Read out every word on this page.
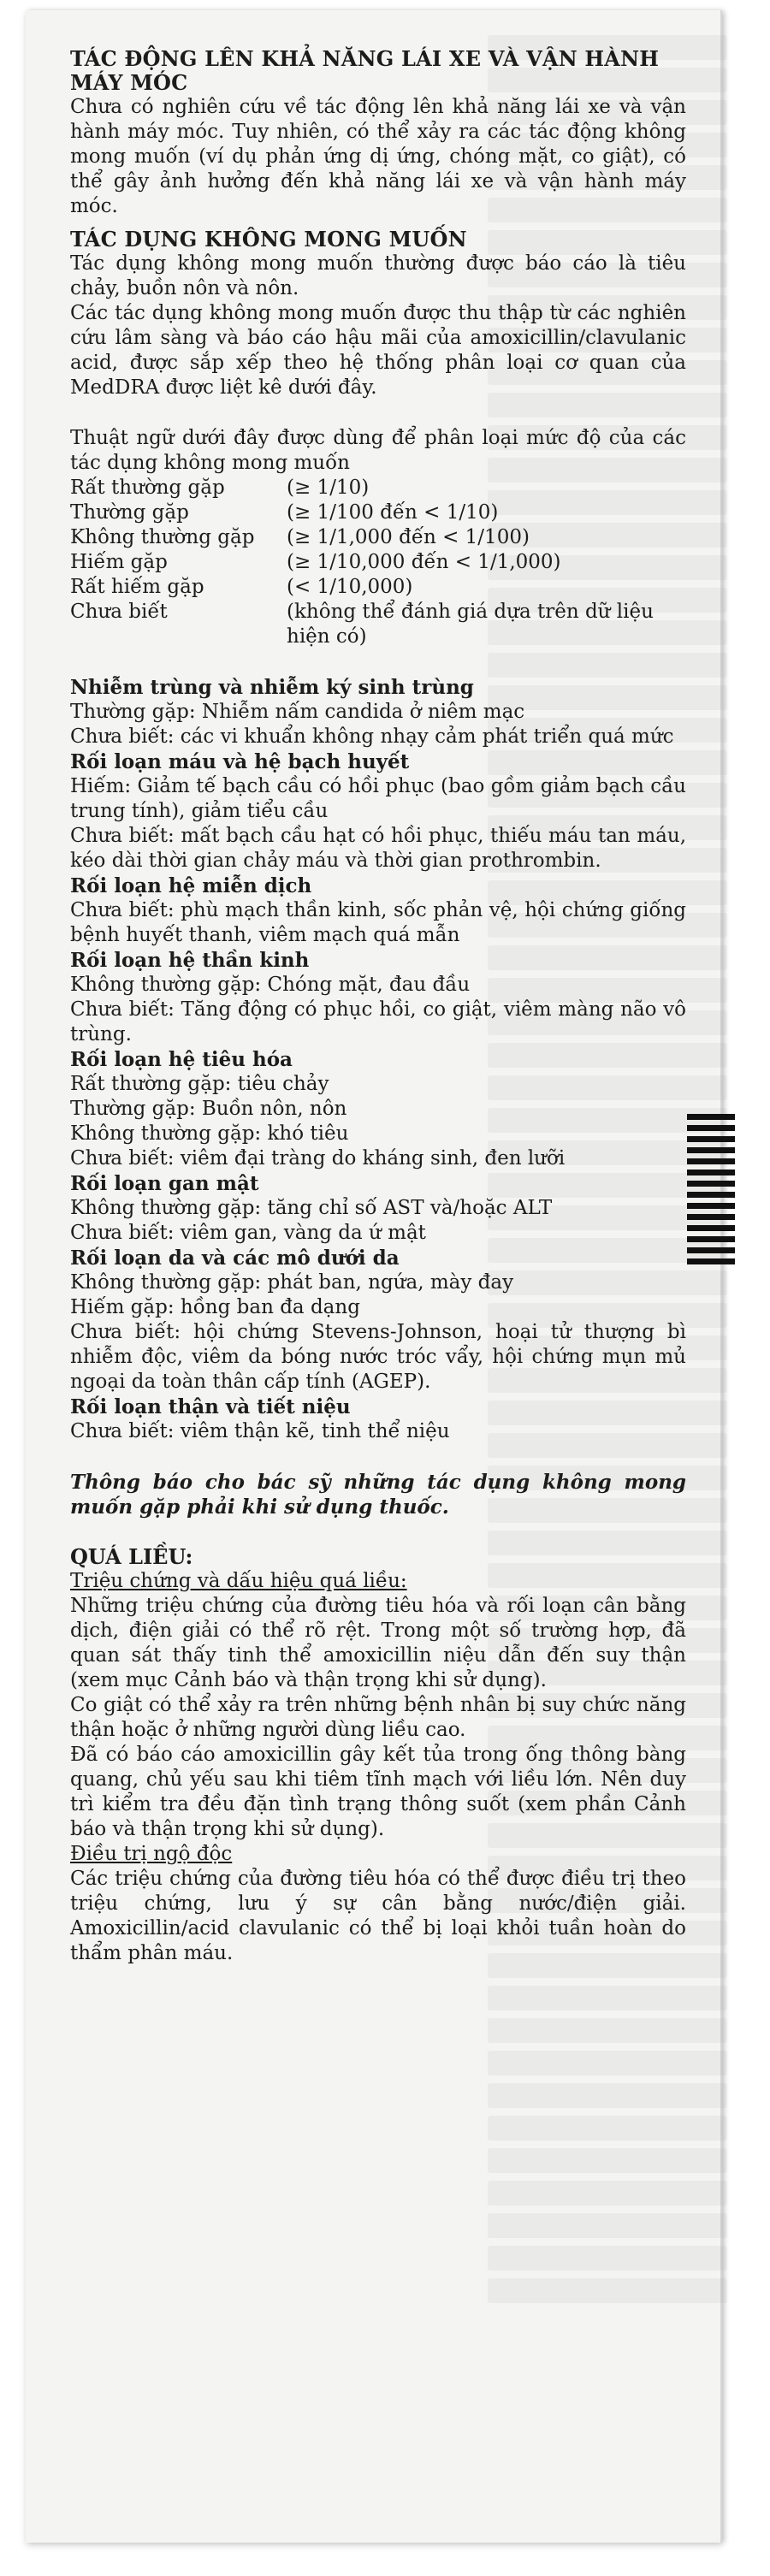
TÁC ĐỘNG LÊN KHẢ NĂNG LÁI XE VÀ VẬN HÀNH MÁY MÓC

Chưa có nghiên cứu về tác động lên khả năng lái xe và vận hành máy móc. Tuy nhiên, có thể xảy ra các tác động không mong muốn (ví dụ phản ứng dị ứng, chóng mặt, co giật), có thể gây ảnh hưởng đến khả năng lái xe và vận hành máy móc.

TÁC DỤNG KHÔNG MONG MUỐN

Tác dụng không mong muốn thường được báo cáo là tiêu chảy, buồn nôn và nôn.

Các tác dụng không mong muốn được thu thập từ các nghiên cứu lâm sàng và báo cáo hậu mãi của amoxicillin/clavulanic acid, được sắp xếp theo hệ thống phân loại cơ quan của MedDRA được liệt kê dưới đây.

Thuật ngữ dưới đây được dùng để phân loại mức độ của các tác dụng không mong muốn

Rất thường gặp	(≥ 1/10)
Thường gặp	(≥ 1/100 đến < 1/10)
Không thường gặp	(≥ 1/1,000 đến < 1/100)
Hiếm gặp	(≥ 1/10,000 đến < 1/1,000)
Rất hiếm gặp	(< 1/10,000)
Chưa biết	(không thể đánh giá dựa trên dữ liệu hiện có)

Nhiễm trùng và nhiễm ký sinh trùng

Thường gặp: Nhiễm nấm candida ở niêm mạc

Chưa biết: các vi khuẩn không nhạy cảm phát triển quá mức

Rối loạn máu và hệ bạch huyết

Hiếm: Giảm tế bạch cầu có hồi phục (bao gồm giảm bạch cầu trung tính), giảm tiểu cầu

Chưa biết: mất bạch cầu hạt có hồi phục, thiếu máu tan máu, kéo dài thời gian chảy máu và thời gian prothrombin.

Rối loạn hệ miễn dịch

Chưa biết: phù mạch thần kinh, sốc phản vệ, hội chứng giống bệnh huyết thanh, viêm mạch quá mẫn

Rối loạn hệ thần kinh

Không thường gặp: Chóng mặt, đau đầu

Chưa biết: Tăng động có phục hồi, co giật, viêm màng não vô trùng.

Rối loạn hệ tiêu hóa

Rất thường gặp: tiêu chảy

Thường gặp: Buồn nôn, nôn

Không thường gặp: khó tiêu

Chưa biết: viêm đại tràng do kháng sinh, đen lưỡi

Rối loạn gan mật

Không thường gặp: tăng chỉ số AST và/hoặc ALT

Chưa biết: viêm gan, vàng da ứ mật

Rối loạn da và các mô dưới da

Không thường gặp: phát ban, ngứa, mày đay

Hiếm gặp: hồng ban đa dạng

Chưa biết: hội chứng Stevens-Johnson, hoại tử thượng bì nhiễm độc, viêm da bóng nước tróc vẩy, hội chứng mụn mủ ngoại da toàn thân cấp tính (AGEP).

Rối loạn thận và tiết niệu

Chưa biết: viêm thận kẽ, tinh thể niệu

Thông báo cho bác sỹ những tác dụng không mong muốn gặp phải khi sử dụng thuốc.

QUÁ LIỀU:

Triệu chứng và dấu hiệu quá liều:

Những triệu chứng của đường tiêu hóa và rối loạn cân bằng dịch, điện giải có thể rõ rệt. Trong một số trường hợp, đã quan sát thấy tinh thể amoxicillin niệu dẫn đến suy thận (xem mục Cảnh báo và thận trọng khi sử dụng).

Co giật có thể xảy ra trên những bệnh nhân bị suy chức năng thận hoặc ở những người dùng liều cao.

Đã có báo cáo amoxicillin gây kết tủa trong ống thông bàng quang, chủ yếu sau khi tiêm tĩnh mạch với liều lớn. Nên duy trì kiểm tra đều đặn tình trạng thông suốt (xem phần Cảnh báo và thận trọng khi sử dụng).

Điều trị ngộ độc

Các triệu chứng của đường tiêu hóa có thể được điều trị theo triệu chứng, lưu ý sự cân bằng nước/điện giải. Amoxicillin/acid clavulanic có thể bị loại khỏi tuần hoàn do thẩm phân máu.
